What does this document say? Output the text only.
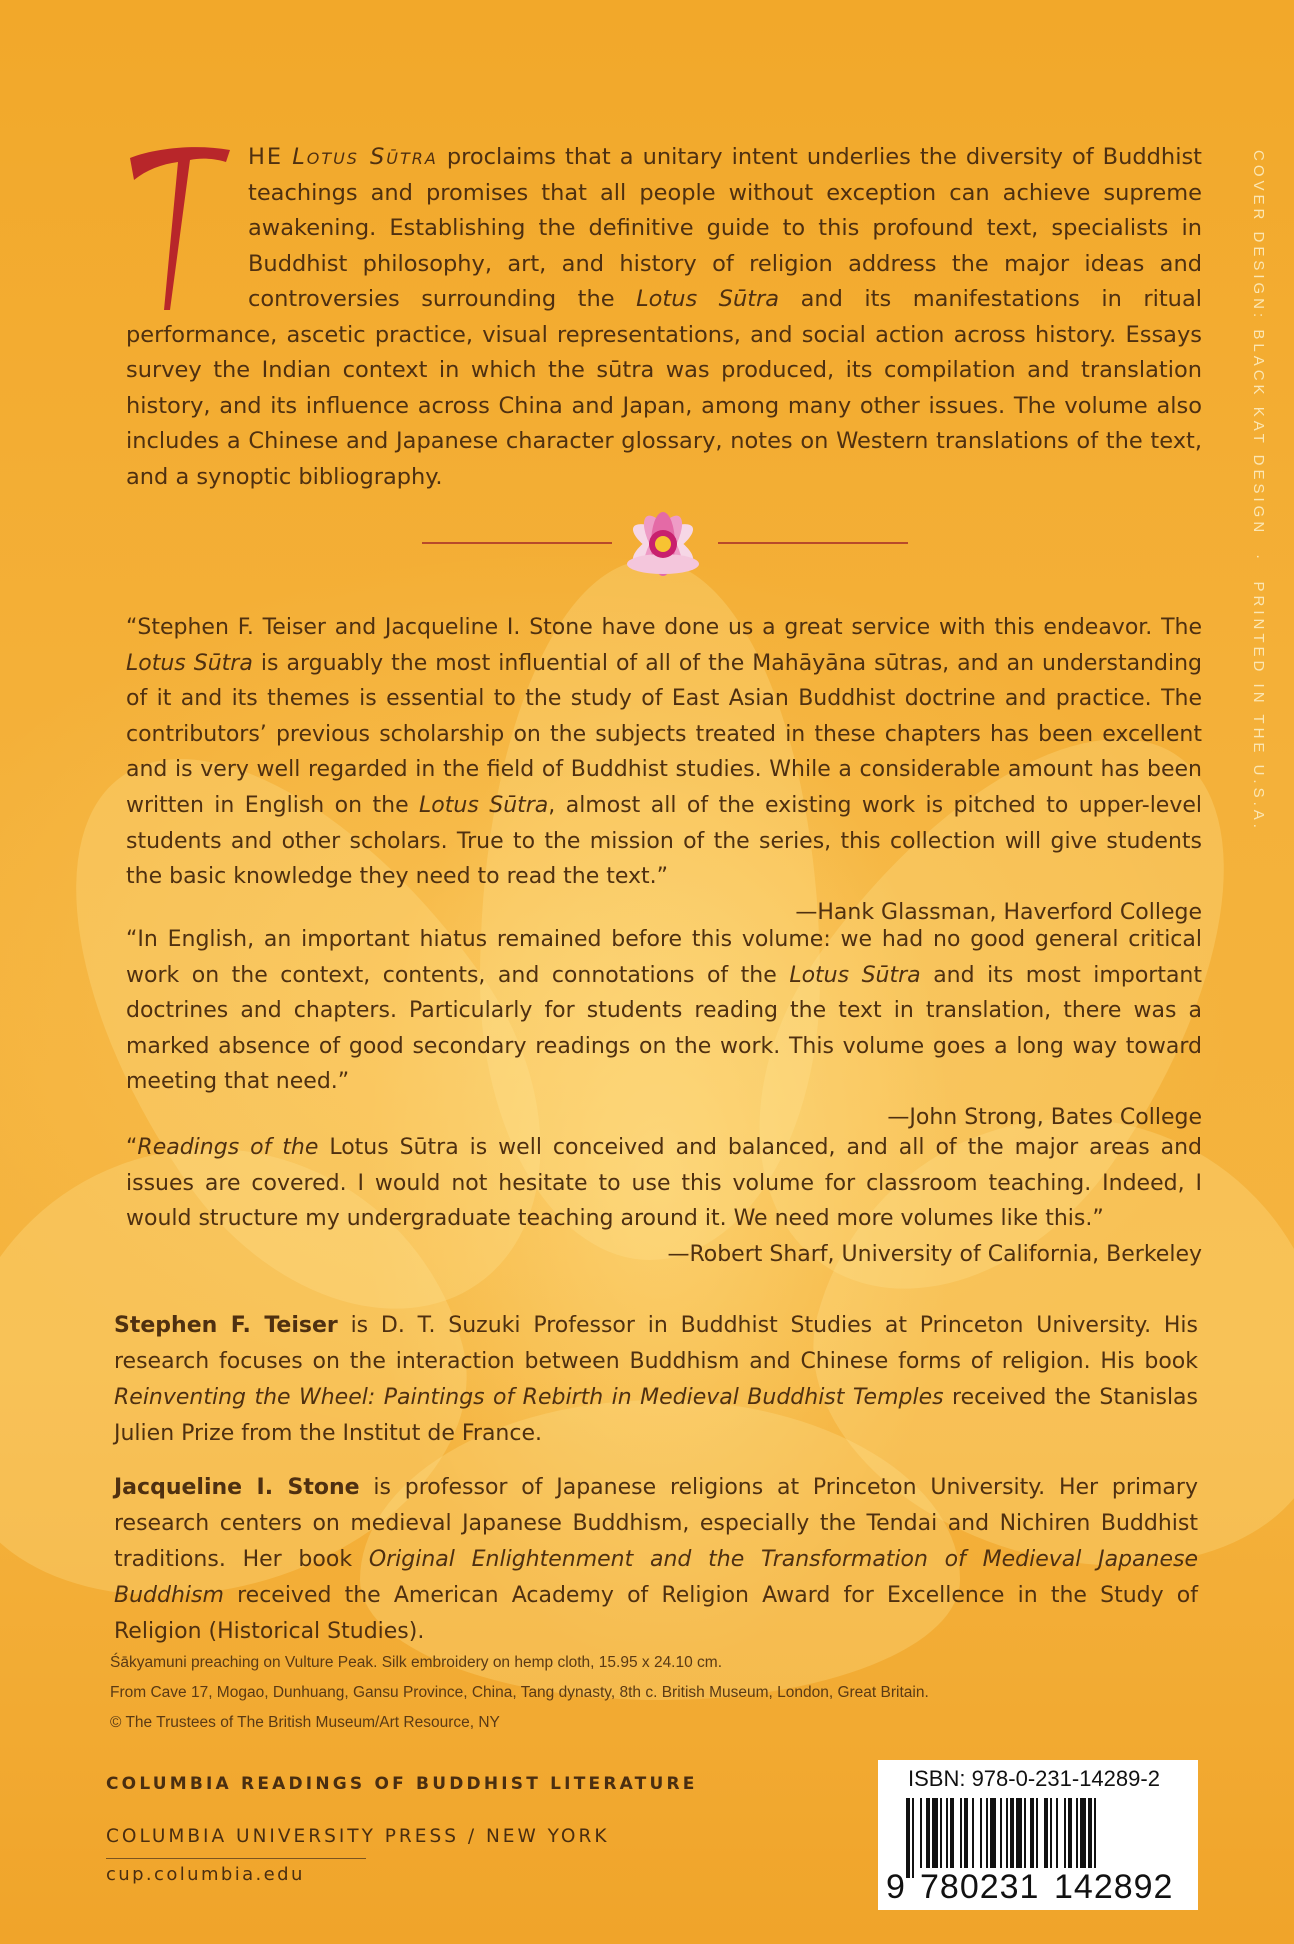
COVER DESIGN: BLACK KAT DESIGN · PRINTED IN THE U.S.A.
HE Lotus Sūtra proclaims that a unitary intent underlies the diversity of Buddhist teachings and promises that all people without exception can achieve supreme awakening. Establishing the definitive guide to this profound text, specialists in Buddhist philosophy, art, and history of religion address the major ideas and controversies surrounding the Lotus Sūtra and its manifestations in ritual performance, ascetic practice, visual representations, and social action across history. Essays survey the Indian context in which the sūtra was produced, its compilation and translation history, and its influence across China and Japan, among many other issues. The volume also includes a Chinese and Japanese character glossary, notes on Western translations of the text, and a synoptic bibliography.
“Stephen F. Teiser and Jacqueline I. Stone have done us a great service with this endeavor. The Lotus Sūtra is arguably the most influential of all of the Mahāyāna sūtras, and an understanding of it and its themes is essential to the study of East Asian Buddhist doctrine and practice. The contributors’ previous scholarship on the subjects treated in these chapters has been excellent and is very well regarded in the field of Buddhist studies. While a considerable amount has been written in English on the Lotus Sūtra, almost all of the existing work is pitched to upper-level students and other scholars. True to the mission of the series, this collection will give students the basic knowledge they need to read the text.”
—Hank Glassman, Haverford College
“In English, an important hiatus remained before this volume: we had no good general critical work on the context, contents, and connotations of the Lotus Sūtra and its most important doctrines and chapters. Particularly for students reading the text in translation, there was a marked absence of good secondary readings on the work. This volume goes a long way toward meeting that need.”
—John Strong, Bates College
“Readings of the Lotus Sūtra is well conceived and balanced, and all of the major areas and issues are covered. I would not hesitate to use this volume for classroom teaching. Indeed, I would structure my undergraduate teaching around it. We need more volumes like this.”
—Robert Sharf, University of California, Berkeley
Stephen F. Teiser is D. T. Suzuki Professor in Buddhist Studies at Princeton University. His research focuses on the interaction between Buddhism and Chinese forms of religion. His book Reinventing the Wheel: Paintings of Rebirth in Medieval Buddhist Temples received the Stanislas Julien Prize from the Institut de France.
Jacqueline I. Stone is professor of Japanese religions at Princeton University. Her primary research centers on medieval Japanese Buddhism, especially the Tendai and Nichiren Buddhist traditions. Her book Original Enlightenment and the Transformation of Medieval Japanese Buddhism received the American Academy of Religion Award for Excellence in the Study of Religion (Historical Studies).
Śākyamuni preaching on Vulture Peak. Silk embroidery on hemp cloth, 15.95 x 24.10 cm.
From Cave 17, Mogao, Dunhuang, Gansu Province, China, Tang dynasty, 8th c. British Museum, London, Great Britain.
© The Trustees of The British Museum/Art Resource, NY
COLUMBIA READINGS OF BUDDHIST LITERATURE
COLUMBIA UNIVERSITY PRESS / NEW YORK
cup.columbia.edu
ISBN: 978-0-231-14289-2
9 780231 142892
